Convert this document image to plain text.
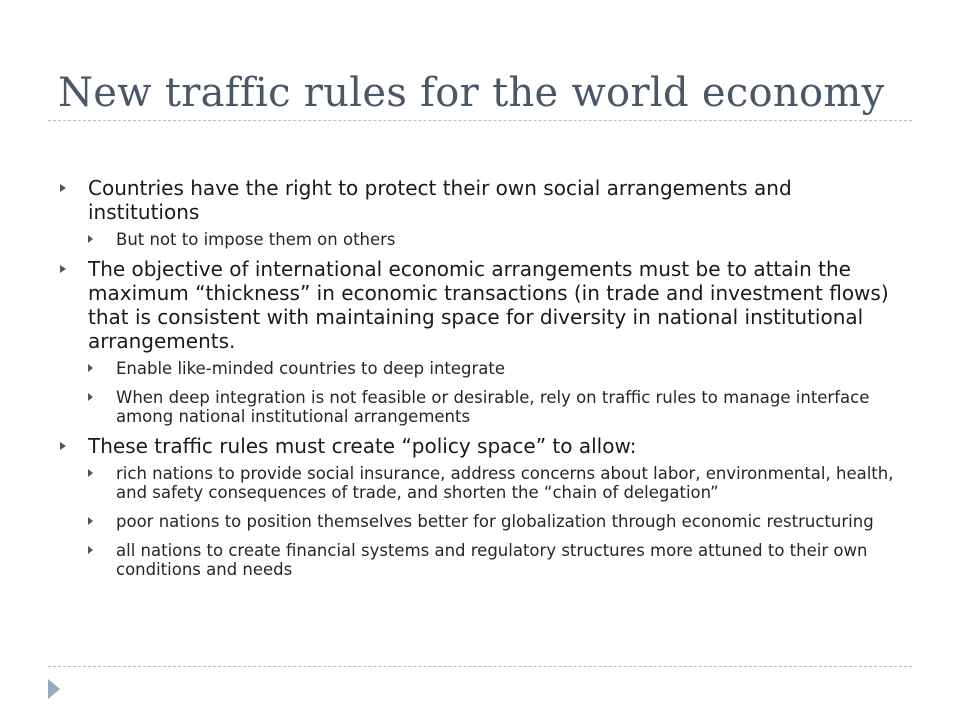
New traffic rules for the world economy
Countries have the right to protect their own social arrangements and institutions
But not to impose them on others
The objective of international economic arrangements must be to attain the maximum “thickness” in economic transactions (in trade and investment flows) that is consistent with maintaining space for diversity in national institutional arrangements.
Enable like-minded countries to deep integrate
When deep integration is not feasible or desirable, rely on traffic rules to manage interface among national institutional arrangements
These traffic rules must create “policy space” to allow:
rich nations to provide social insurance, address concerns about labor, environmental, health, and safety consequences of trade, and shorten the “chain of delegation”
poor nations to position themselves better for globalization through economic restructuring
all nations to create financial systems and regulatory structures more attuned to their own conditions and needs
